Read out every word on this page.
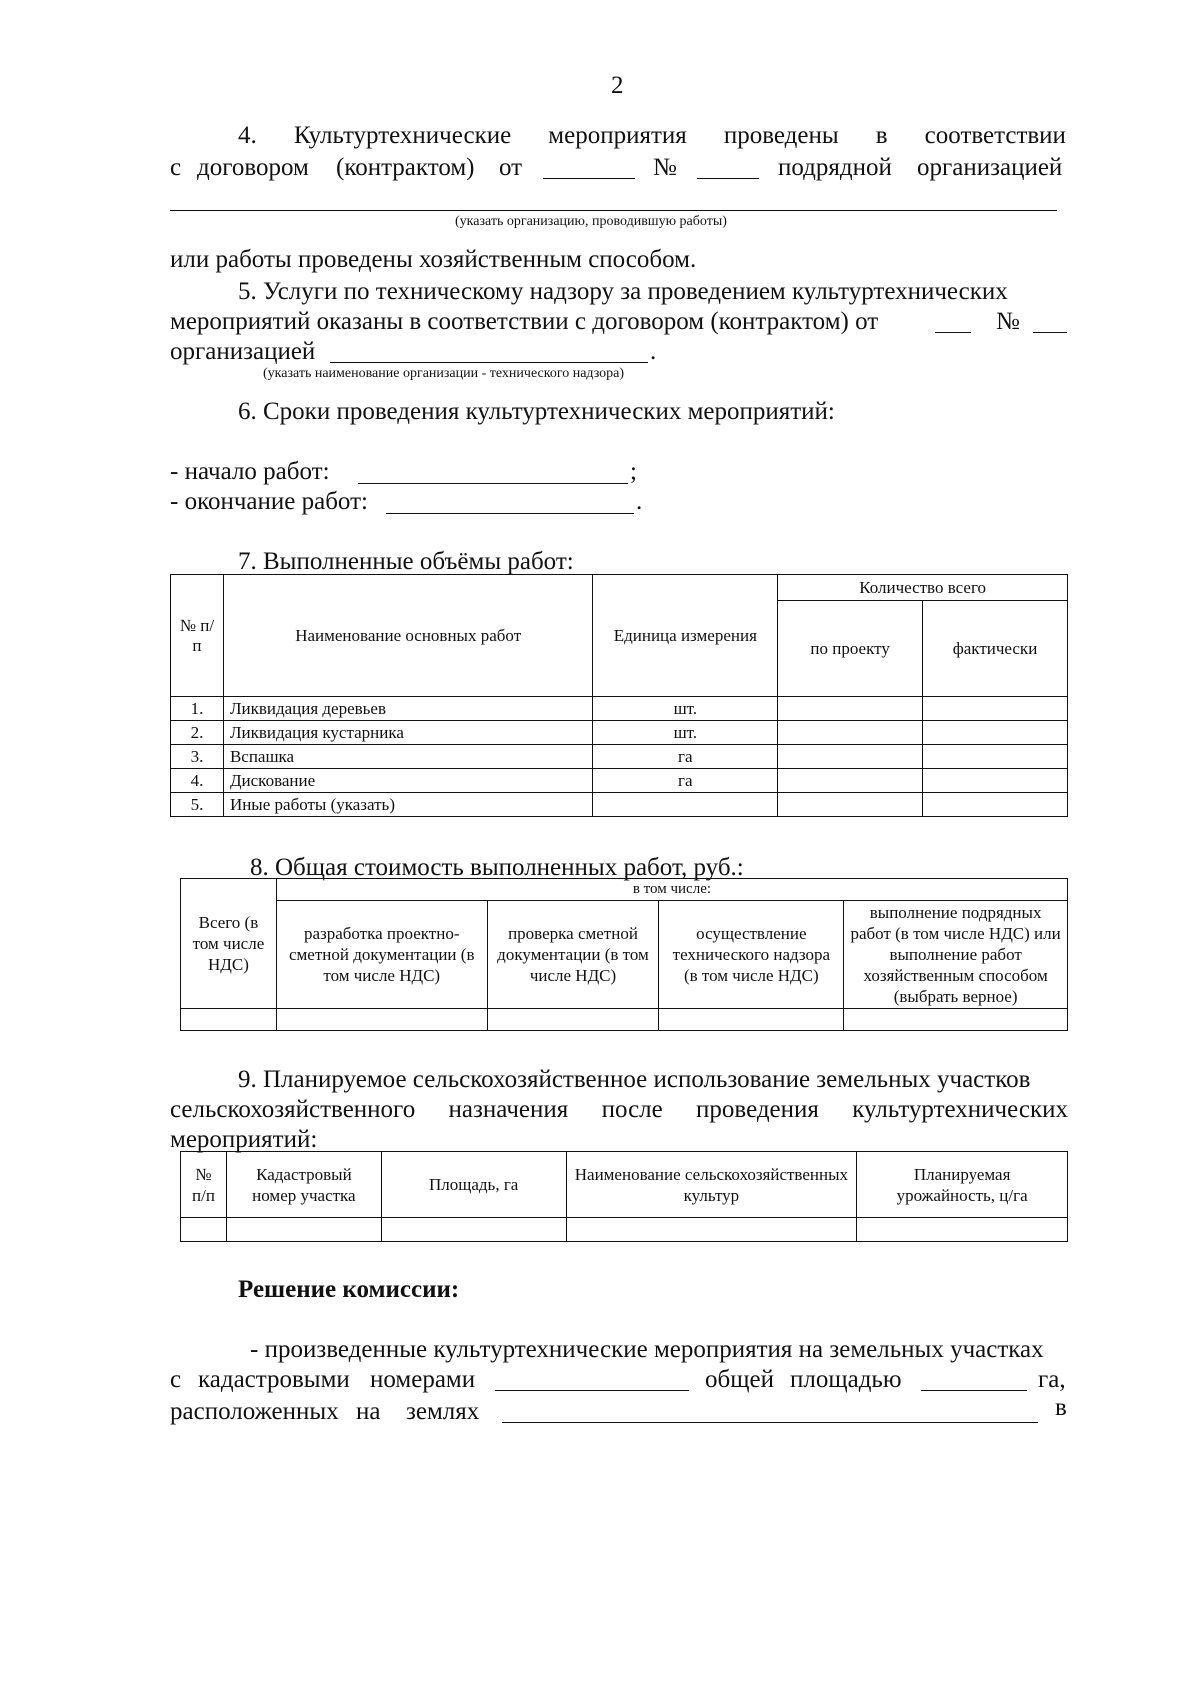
2
4. Культуртехнические мероприятия проведены в соответствии
с договором (контрактом) от	№	подрядной организацией
(указать организацию, проводившую работы)
или работы проведены хозяйственным способом.
5. Услуги по техническому надзору за проведением культуртехнических
мероприятий оказаны в соответствии с договором (контрактом) от	№
организацией	.
(указать наименование организации - технического надзора)
6. Сроки проведения культуртехнических мероприятий:
- начало работ:	;
- окончание работ:	.
7. Выполненные объёмы работ:
№ п/п	Наименование основных работ	Единица измерения	Количество всего	
			по проекту	фактически
1.	Ликвидация деревьев	шт.		
2.	Ликвидация кустарника	шт.		
3.	Вспашка	га		
4.	Дискование	га		
5.	Иные работы (указать)			
8. Общая стоимость выполненных работ, руб.:
Всего (в том числе НДС)	в том числе:			
	разработка проектно-сметной документации (в том числе НДС)	проверка сметной документации (в том числе НДС)	осуществление технического надзора (в том числе НДС)	выполнение подрядных работ (в том числе НДС) или выполнение работ хозяйственным способом (выбрать верное)

9. Планируемое сельскохозяйственное использование земельных участков
сельскохозяйственного назначения после проведения культуртехнических
мероприятий:
№ п/п	Кадастровый номер участка	Площадь, га	Наименование сельскохозяйственных культур	Планируемая урожайность, ц/га

Решение комиссии:
- произведенные культуртехнические мероприятия на земельных участках
с кадастровыми номерами	общей площадью	га,
расположенных на землях	в
